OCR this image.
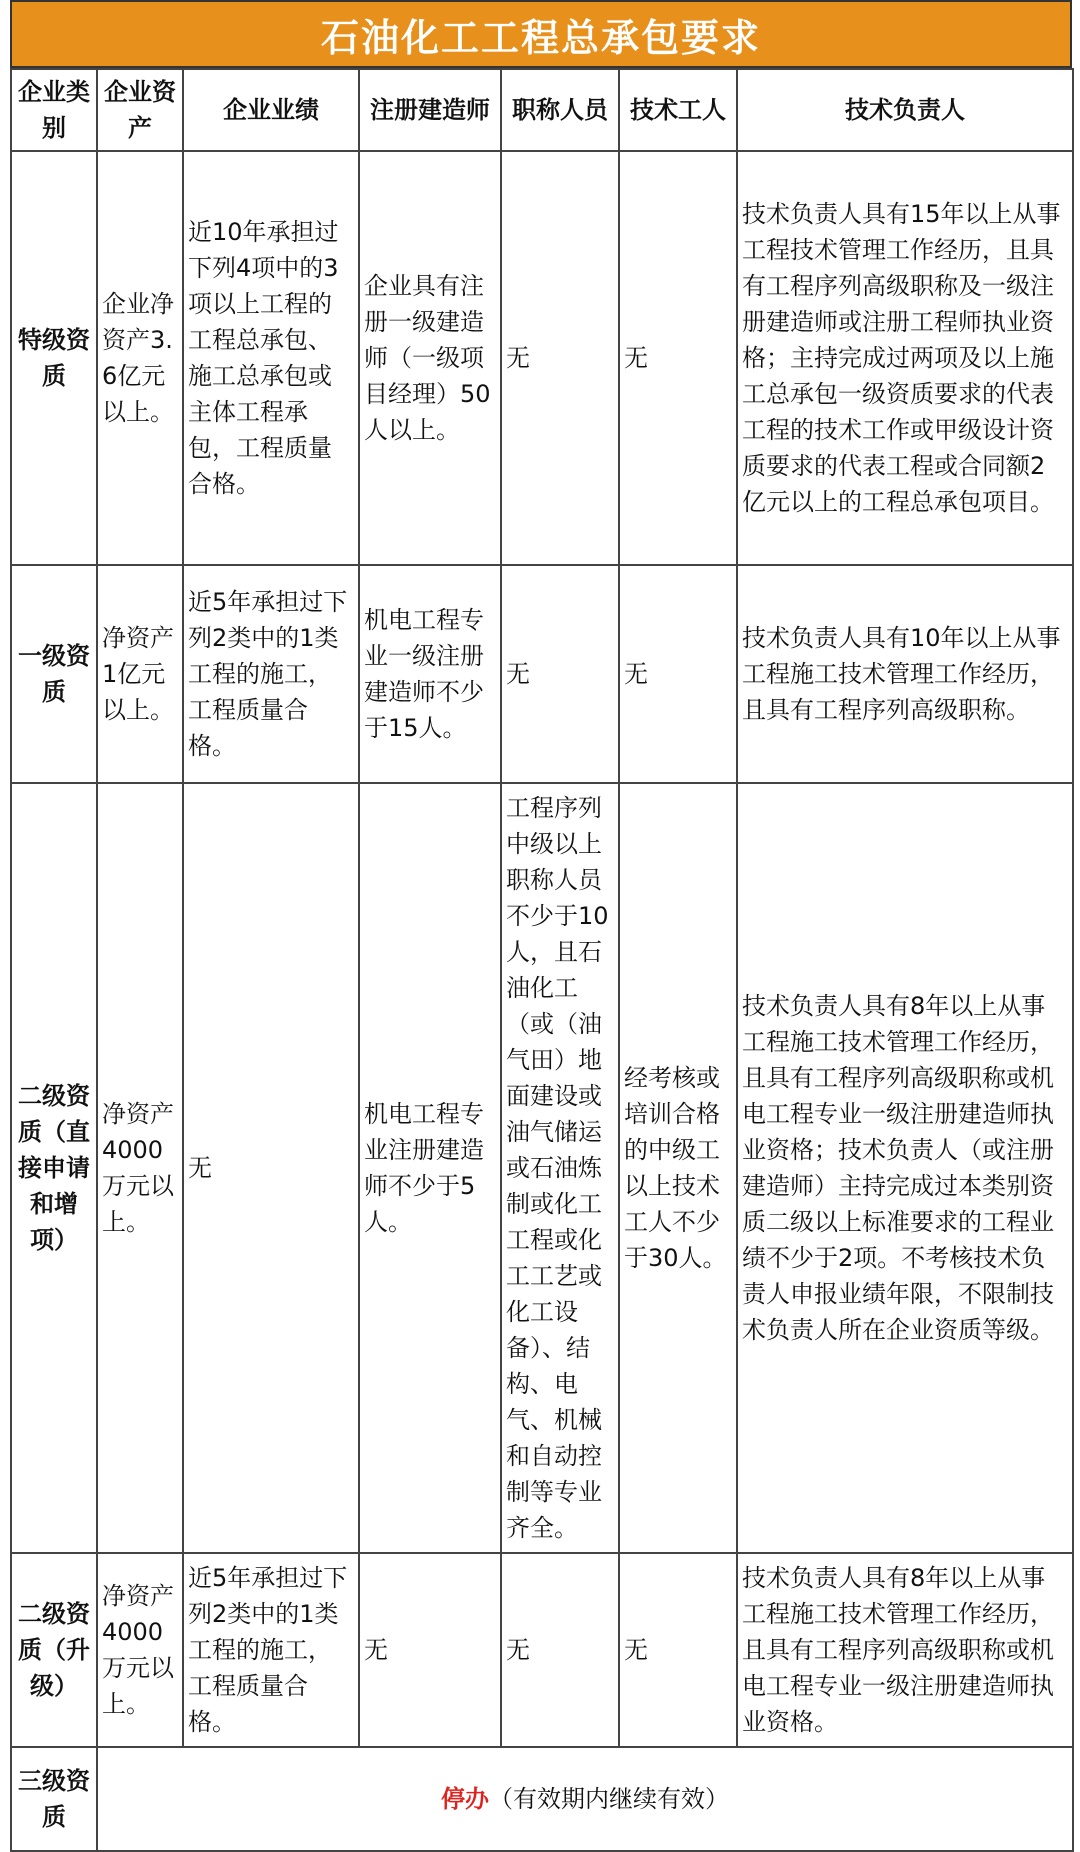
石油化工工程总承包要求
企业类别	企业资产	企业业绩	注册建造师	职称人员	技术工人	技术负责人
特级资质	企业净资产3.6亿元以上。	近10年承担过下列4项中的3项以上工程的工程总承包、施工总承包或主体工程承包，工程质量合格。	企业具有注册一级建造师（一级项目经理）50人以上。	无	无	技术负责人具有15年以上从事工程技术管理工作经历，且具有工程序列高级职称及一级注册建造师或注册工程师执业资格；主持完成过两项及以上施工总承包一级资质要求的代表工程的技术工作或甲级设计资质要求的代表工程或合同额2亿元以上的工程总承包项目。
一级资质	净资产1亿元以上。	近5年承担过下列2类中的1类工程的施工，工程质量合格。	机电工程专业一级注册建造师不少于15人。	无	无	技术负责人具有10年以上从事工程施工技术管理工作经历，且具有工程序列高级职称。
二级资质（直接申请和增项）	净资产4000万元以上。	无	机电工程专业注册建造师不少于5人。	工程序列中级以上职称人员不少于10人，且石油化工（或（油气田）地面建设或油气储运或石油炼制或化工工程或化工工艺或化工设备）、结构、电气、机械和自动控制等专业齐全。	经考核或培训合格的中级工以上技术工人不少于30人。	技术负责人具有8年以上从事工程施工技术管理工作经历，且具有工程序列高级职称或机电工程专业一级注册建造师执业资格；技术负责人（或注册建造师）主持完成过本类别资质二级以上标准要求的工程业绩不少于2项。不考核技术负责人申报业绩年限，不限制技术负责人所在企业资质等级。
二级资质（升级）	净资产4000万元以上。	近5年承担过下列2类中的1类工程的施工，工程质量合格。	无	无	无	技术负责人具有8年以上从事工程施工技术管理工作经历，且具有工程序列高级职称或机电工程专业一级注册建造师执业资格。
三级资质	停办（有效期内继续有效）					
